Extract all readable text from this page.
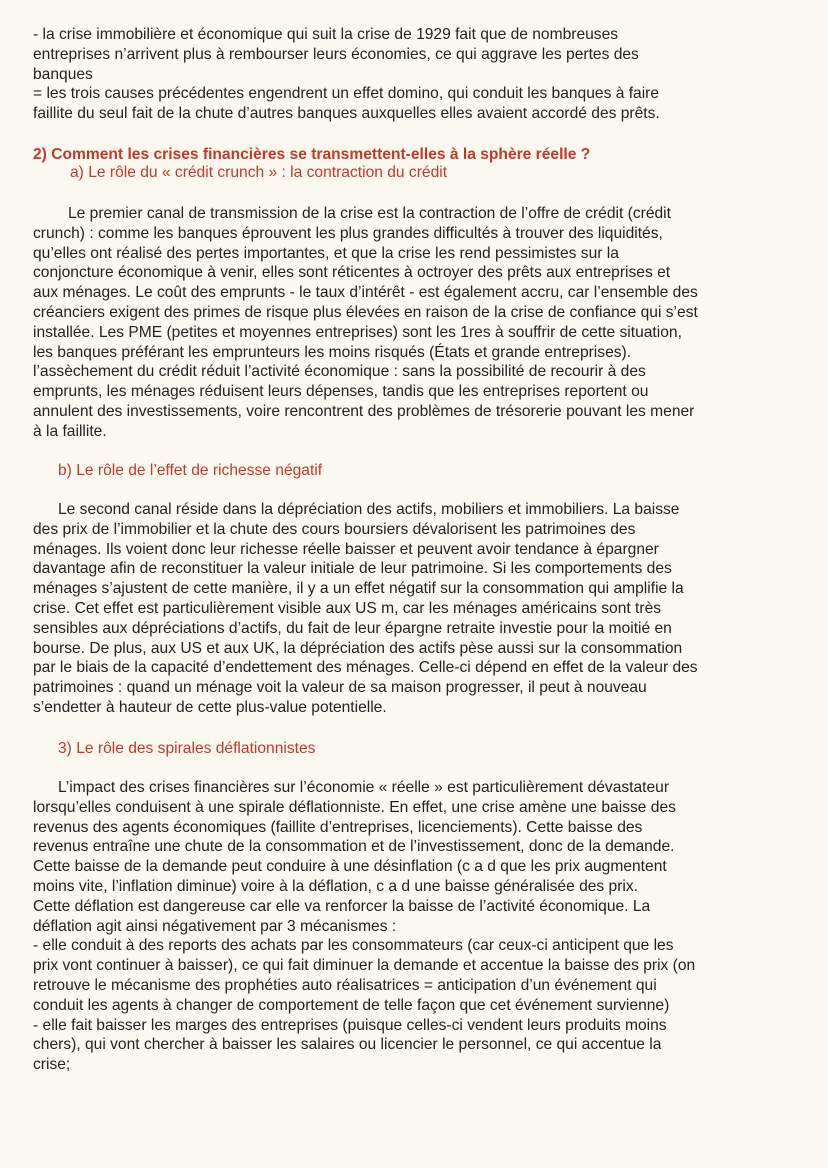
- la crise immobilière et économique qui suit la crise de 1929 fait que de nombreuses
entreprises n’arrivent plus à rembourser leurs économies, ce qui aggrave les pertes des
banques
= les trois causes précédentes engendrent un effet domino, qui conduit les banques à faire
faillite du seul fait de la chute d’autres banques auxquelles elles avaient accordé des prêts.
2) Comment les crises financières se transmettent-elles à la sphère réelle ?
a) Le rôle du « crédit crunch » : la contraction du crédit
Le premier canal de transmission de la crise est la contraction de l’offre de crédit (crédit
crunch) : comme les banques éprouvent les plus grandes difficultés à trouver des liquidités,
qu’elles ont réalisé des pertes importantes, et que la crise les rend pessimistes sur la
conjoncture économique à venir, elles sont réticentes à octroyer des prêts aux entreprises et
aux ménages. Le coût des emprunts - le taux d’intérêt - est également accru, car l’ensemble des
créanciers exigent des primes de risque plus élevées en raison de la crise de confiance qui s’est
installée. Les PME (petites et moyennes entreprises) sont les 1res à souffrir de cette situation,
les banques préférant les emprunteurs les moins risqués (États et grande entreprises).
l’assèchement du crédit réduit l’activité économique : sans la possibilité de recourir à des
emprunts, les ménages réduisent leurs dépenses, tandis que les entreprises reportent ou
annulent des investissements, voire rencontrent des problèmes de trésorerie pouvant les mener
à la faillite.
b) Le rôle de l’effet de richesse négatif
Le second canal réside dans la dépréciation des actifs, mobiliers et immobiliers. La baisse
des prix de l’immobilier et la chute des cours boursiers dévalorisent les patrimoines des
ménages. Ils voient donc leur richesse réelle baisser et peuvent avoir tendance à épargner
davantage afin de reconstituer la valeur initiale de leur patrimoine. Si les comportements des
ménages s’ajustent de cette manière, il y a un effet négatif sur la consommation qui amplifie la
crise. Cet effet est particulièrement visible aux US m, car les ménages américains sont très
sensibles aux dépréciations d’actifs, du fait de leur épargne retraite investie pour la moitié en
bourse. De plus, aux US et aux UK, la dépréciation des actifs pèse aussi sur la consommation
par le biais de la capacité d’endettement des ménages. Celle-ci dépend en effet de la valeur des
patrimoines : quand un ménage voit la valeur de sa maison progresser, il peut à nouveau
s’endetter à hauteur de cette plus-value potentielle.
3) Le rôle des spirales déflationnistes
L’impact des crises financières sur l’économie « réelle » est particulièrement dévastateur
lorsqu’elles conduisent à une spirale déflationniste. En effet, une crise amène une baisse des
revenus des agents économiques (faillite d’entreprises, licenciements). Cette baisse des
revenus entraîne une chute de la consommation et de l’investissement, donc de la demande.
Cette baisse de la demande peut conduire à une désinflation (c a d que les prix augmentent
moins vite, l’inflation diminue) voire à la déflation, c a d une baisse généralisée des prix.
Cette déflation est dangereuse car elle va renforcer la baisse de l’activité économique. La
déflation agit ainsi négativement par 3 mécanismes :
- elle conduit à des reports des achats par les consommateurs (car ceux-ci anticipent que les
prix vont continuer à baisser), ce qui fait diminuer la demande et accentue la baisse des prix (on
retrouve le mécanisme des prophéties auto réalisatrices = anticipation d’un événement qui
conduit les agents à changer de comportement de telle façon que cet événement survienne)
- elle fait baisser les marges des entreprises (puisque celles-ci vendent leurs produits moins
chers), qui vont chercher à baisser les salaires ou licencier le personnel, ce qui accentue la
crise;
